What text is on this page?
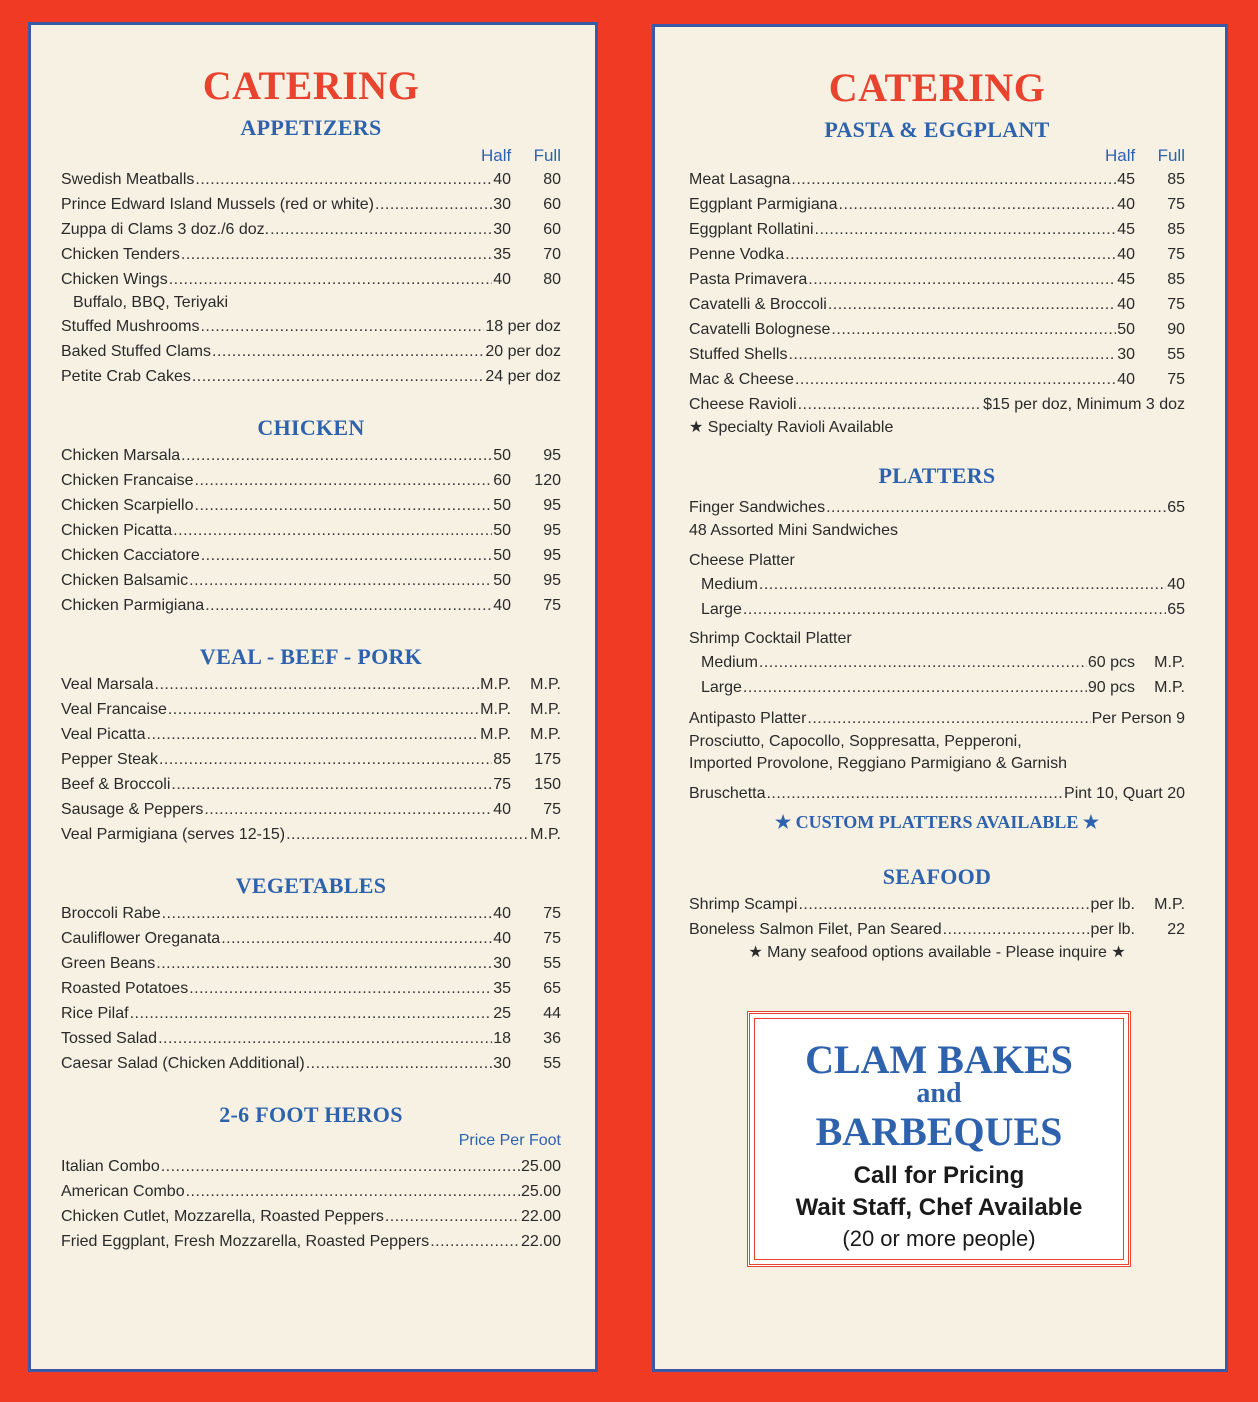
CATERING
APPETIZERS
Half	Full
Swedish Meatballs .....	40	80
Prince Edward Island Mussels (red or white) .....	30	60
Zuppa di Clams 3 doz./6 doz. .....	30	60
Chicken Tenders .....	35	70
Chicken Wings .....	40	80
Buffalo, BBQ, Teriyaki
Stuffed Mushrooms .....	18 per doz
Baked Stuffed Clams .....	20 per doz
Petite Crab Cakes .....	24 per doz
CHICKEN
Chicken Marsala .....	50	95
Chicken Francaise .....	60	120
Chicken Scarpiello .....	50	95
Chicken Picatta .....	50	95
Chicken Cacciatore .....	50	95
Chicken Balsamic .....	50	95
Chicken Parmigiana .....	40	75
VEAL - BEEF - PORK
Veal Marsala .....	M.P.	M.P.
Veal Francaise .....	M.P.	M.P.
Veal Picatta .....	M.P.	M.P.
Pepper Steak .....	85	175
Beef & Broccoli .....	75	150
Sausage & Peppers .....	40	75
Veal Parmigiana (serves 12-15) .....	M.P.
VEGETABLES
Broccoli Rabe .....	40	75
Cauliflower Oreganata .....	40	75
Green Beans .....	30	55
Roasted Potatoes .....	35	65
Rice Pilaf .....	25	44
Tossed Salad .....	18	36
Caesar Salad (Chicken Additional) .....	30	55
2-6 FOOT HEROS
Price Per Foot
Italian Combo .....	25.00
American Combo .....	25.00
Chicken Cutlet, Mozzarella, Roasted Peppers .....	22.00
Fried Eggplant, Fresh Mozzarella, Roasted Peppers .....	22.00
CATERING
PASTA & EGGPLANT
Half	Full
Meat Lasagna .....	45	85
Eggplant Parmigiana .....	40	75
Eggplant Rollatini .....	45	85
Penne Vodka .....	40	75
Pasta Primavera .....	45	85
Cavatelli & Broccoli .....	40	75
Cavatelli Bolognese .....	50	90
Stuffed Shells .....	30	55
Mac & Cheese .....	40	75
Cheese Ravioli .....	$15 per doz, Minimum 3 doz
★ Specialty Ravioli Available
PLATTERS
Finger Sandwiches .....	65
48 Assorted Mini Sandwiches
Cheese Platter
Medium .....	40
Large .....	65
Shrimp Cocktail Platter
Medium .....	60 pcs	M.P.
Large .....	90 pcs	M.P.
Antipasto Platter .....	Per Person 9
Prosciutto, Capocollo, Soppresatta, Pepperoni,
Imported Provolone, Reggiano Parmigiano & Garnish
Bruschetta .....	Pint 10, Quart 20
★ CUSTOM PLATTERS AVAILABLE ★
SEAFOOD
Shrimp Scampi .....	per lb.	M.P.
Boneless Salmon Filet, Pan Seared .....	per lb.	22
★ Many seafood options available - Please inquire ★
CLAM BAKES
and
BARBEQUES
Call for Pricing
Wait Staff, Chef Available
(20 or more people)
